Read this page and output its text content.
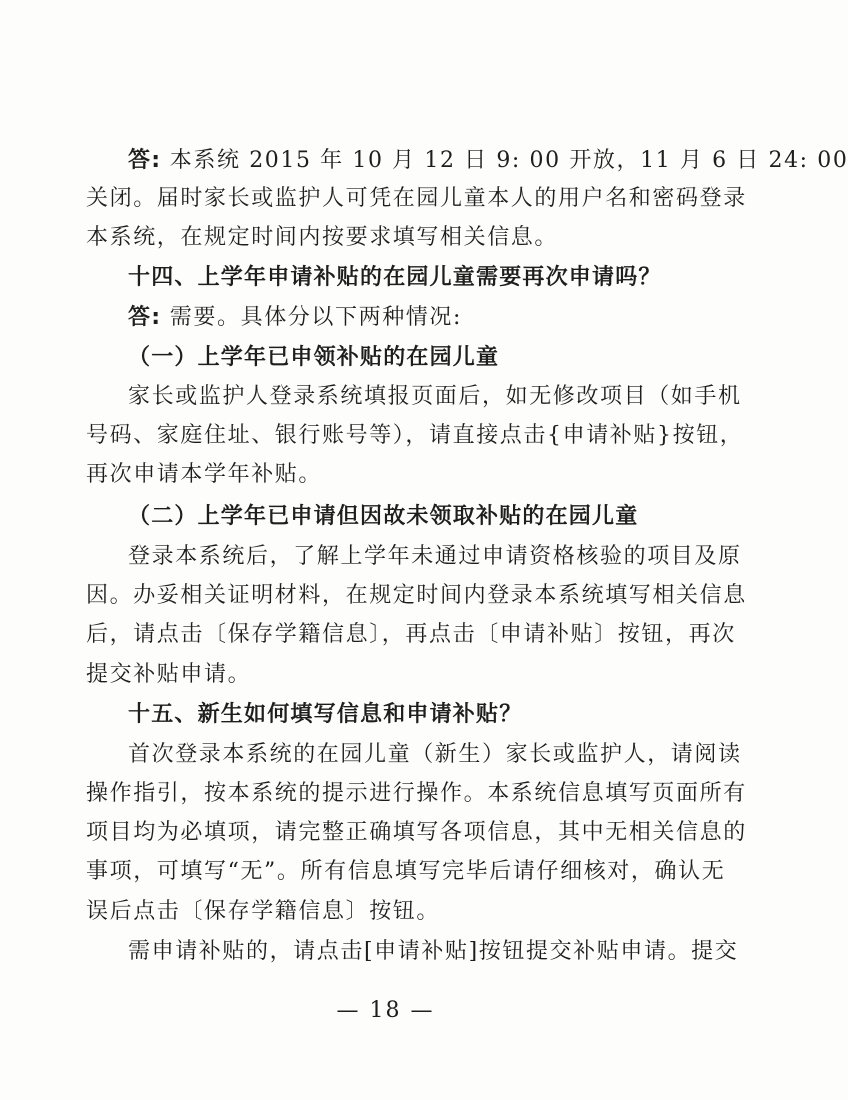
答: 本系统 2015 年 10 月 12 日 9: 00 开放，11 月 6 日 24: 00
关闭。届时家长或监护人可凭在园儿童本人的用户名和密码登录
本系统，在规定时间内按要求填写相关信息。
十四、上学年申请补贴的在园儿童需要再次申请吗？
答: 需要。具体分以下两种情况:
（一）上学年已申领补贴的在园儿童
家长或监护人登录系统填报页面后，如无修改项目（如手机
号码、家庭住址、银行账号等），请直接点击{申请补贴}按钮，
再次申请本学年补贴。
（二）上学年已申请但因故未领取补贴的在园儿童
登录本系统后，了解上学年未通过申请资格核验的项目及原
因。办妥相关证明材料，在规定时间内登录本系统填写相关信息
后，请点击〔保存学籍信息〕，再点击〔申请补贴〕按钮，再次
提交补贴申请。
十五、新生如何填写信息和申请补贴？
首次登录本系统的在园儿童（新生）家长或监护人，请阅读
操作指引，按本系统的提示进行操作。本系统信息填写页面所有
项目均为必填项，请完整正确填写各项信息，其中无相关信息的
事项，可填写“无”。所有信息填写完毕后请仔细核对，确认无
误后点击〔保存学籍信息〕按钮。
需申请补贴的，请点击[申请补贴]按钮提交补贴申请。提交
— 18 —
